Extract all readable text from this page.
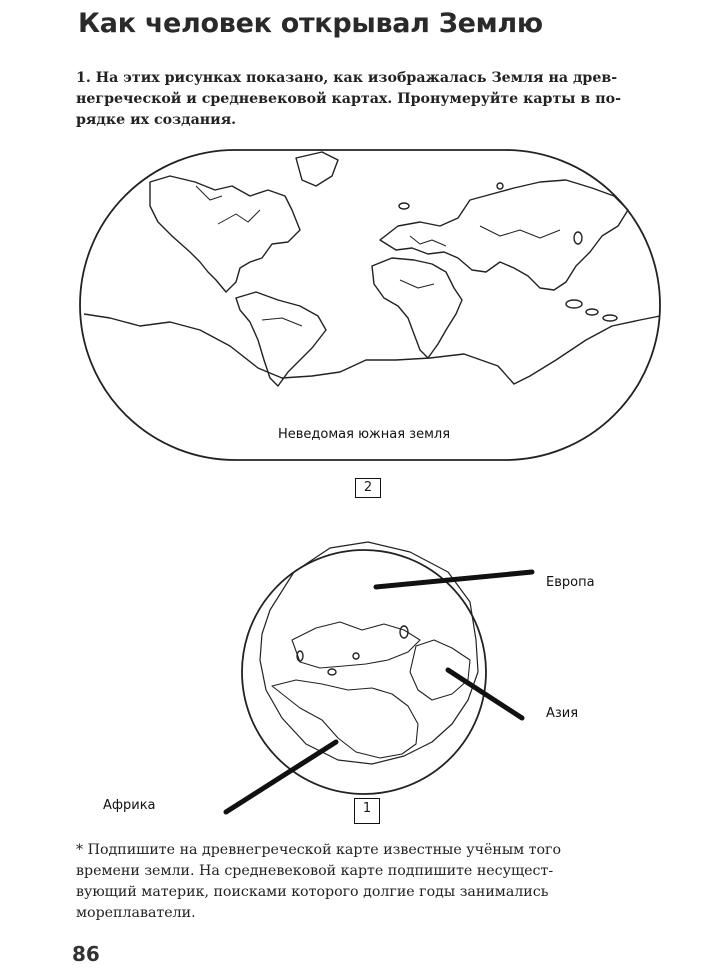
Как человек открывал Землю
1. На этих рисунках показано, как изображалась Земля на древ-
негреческой и средневековой картах. Пронумеруйте карты в по-
рядке их создания.
Неведомая южная земля
2
Европа
Азия
Африка	1
* Подпишите на древнегреческой карте известные учёным того
времени земли. На средневековой карте подпишите несущест-
вующий материк, поисками которого долгие годы занимались
мореплаватели.
86
